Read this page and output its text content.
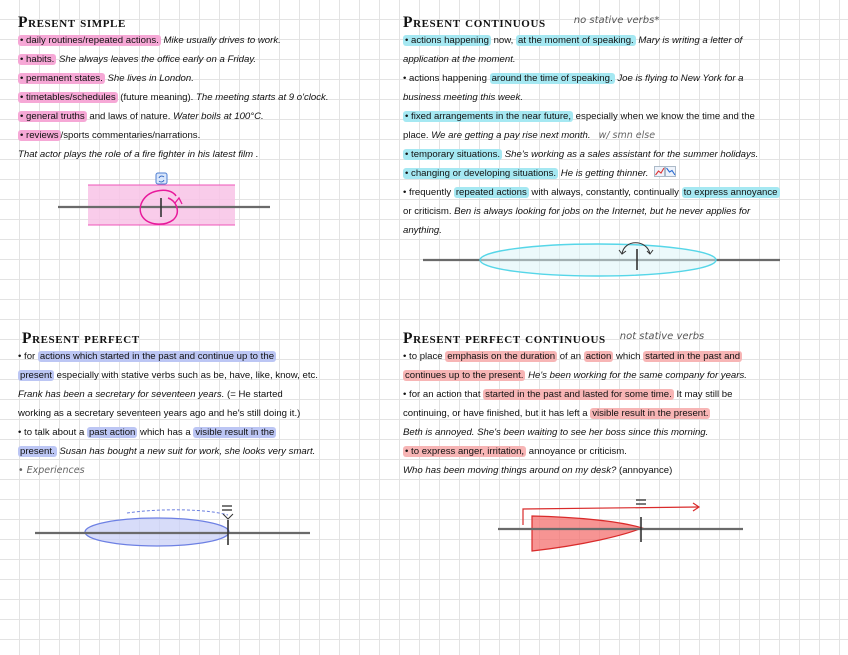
Present simple
• daily routines/repeated actions. Mike usually drives to work.
• habits. She always leaves the office early on a Friday.
• permanent states. She lives in London.
• timetables/schedules (future meaning). The meeting starts at 9 o'clock.
• general truths and laws of nature. Water boils at 100°C.
• reviews /sports commentaries/narrations.
That actor plays the role of a fire fighter in his latest film .
Present continuous	$^{no stative verbs*}$
• actions happening now, at the moment of speaking. Mary is writing a letter of
application at the moment.
• actions happening around the time of speaking. Joe is flying to New York for a
business meeting this week.
• fixed arrangements in the near future, especially when we know the time and the
place. We are getting a pay rise next month. w/ smn else
• temporary situations. She's working as a sales assistant for the summer holidays.
• changing or developing situations. He is getting thinner.
• frequently repeated actions with always, constantly, continually to express annoyance
or criticism. Ben is always looking for jobs on the Internet, but he never applies for
anything.
Present perfect
• for actions which started in the past and continue up to the
present especially with stative verbs such as be, have, like, know, etc.
Frank has been a secretary for seventeen years. (= He started
working as a secretary seventeen years ago and he's still doing it.)
• to talk about a past action which has a visible result in the
present. Susan has bought a new suit for work, she looks very smart.
• Experiences
Present perfect continuous $^{not stative verbs}$
• to place emphasis on the duration of an action which started in the past and
continues up to the present. He's been working for the same company for years.
• for an action that started in the past and lasted for some time. It may still be
continuing, or have finished, but it has left a visible result in the present.
Beth is annoyed. She's been waiting to see her boss since this morning.
• to express anger, irritation, annoyance or criticism.
Who has been moving things around on my desk? (annoyance)
